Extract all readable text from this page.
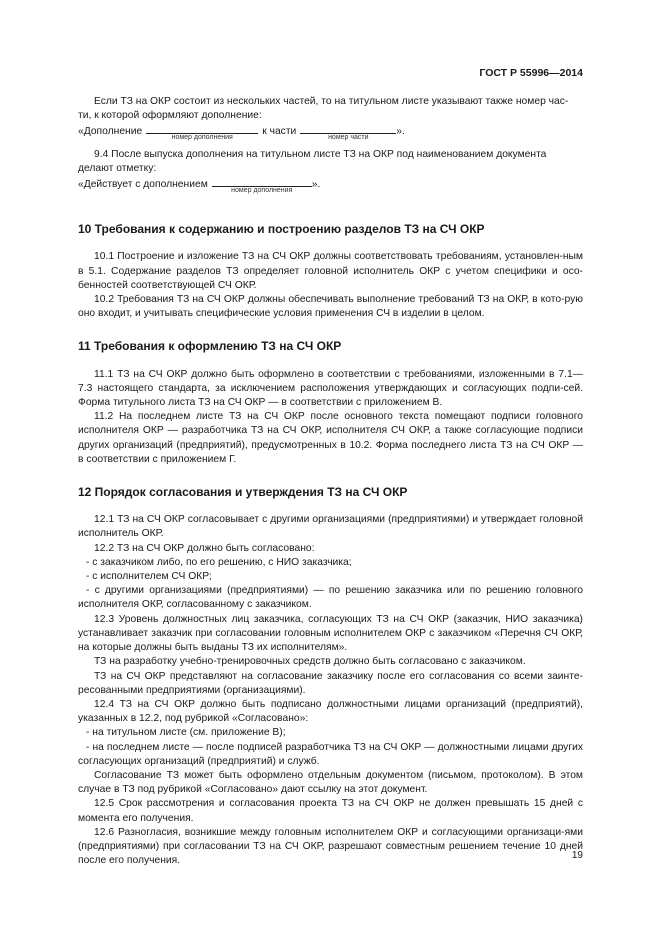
ГОСТ Р 55996—2014

Если ТЗ на ОКР состоит из нескольких частей, то на титульном листе указывают также номер час-

ти, к которой оформляют дополнение:

«Дополнение
номер дополнения
к части
номер части
».

9.4 После выпуска дополнения на титульном листе ТЗ на ОКР под наименованием документа

делают отметку:

«Действует с дополнением
номер дополнения
».

10 Требования к содержанию и построению разделов ТЗ на СЧ ОКР

10.1 Построение и изложение ТЗ на СЧ ОКР должны соответствовать требованиям, установлен-ным в 5.1. Содержание разделов ТЗ определяет головной исполнитель ОКР с учетом специфики и осо-бенностей соответствующей СЧ ОКР.

10.2 Требования ТЗ на СЧ ОКР должны обеспечивать выполнение требований ТЗ на ОКР, в кото-рую оно входит, и учитывать специфические условия применения СЧ в изделии в целом.

11 Требования к оформлению ТЗ на СЧ ОКР

11.1 ТЗ на СЧ ОКР должно быть оформлено в соответствии с требованиями, изложенными в 7.1—7.3 настоящего стандарта, за исключением расположения утверждающих и согласующих подпи-сей. Форма титульного листа ТЗ на СЧ ОКР — в соответствии с приложением В.

11.2 На последнем листе ТЗ на СЧ ОКР после основного текста помещают подписи головного исполнителя ОКР — разработчика ТЗ на СЧ ОКР, исполнителя СЧ ОКР, а также согласующие подписи других организаций (предприятий), предусмотренных в 10.2. Форма последнего листа ТЗ на СЧ ОКР — в соответствии с приложением Г.

12 Порядок согласования и утверждения ТЗ на СЧ ОКР

12.1 ТЗ на СЧ ОКР согласовывает с другими организациями (предприятиями) и утверждает головной исполнитель ОКР.

12.2 ТЗ на СЧ ОКР должно быть согласовано:

- с заказчиком либо, по его решению, с НИО заказчика;

- с исполнителем СЧ ОКР;

- с другими организациями (предприятиями) — по решению заказчика или по решению головного исполнителя ОКР, согласованному с заказчиком.

12.3 Уровень должностных лиц заказчика, согласующих ТЗ на СЧ ОКР (заказчик, НИО заказчика) устанавливает заказчик при согласовании головным исполнителем ОКР с заказчиком «Перечня СЧ ОКР, на которые должны быть выданы ТЗ их исполнителям».

ТЗ на разработку учебно-тренировочных средств должно быть согласовано с заказчиком.

ТЗ на СЧ ОКР представляют на согласование заказчику после его согласования со всеми заинте-ресованными предприятиями (организациями).

12.4 ТЗ на СЧ ОКР должно быть подписано должностными лицами организаций (предприятий), указанных в 12.2, под рубрикой «Согласовано»:

- на титульном листе (см. приложение В);

- на последнем листе — после подписей разработчика ТЗ на СЧ ОКР — должностными лицами других согласующих организаций (предприятий) и служб.

Согласование ТЗ может быть оформлено отдельным документом (письмом, протоколом). В этом случае в ТЗ под рубрикой «Согласовано» дают ссылку на этот документ.

12.5 Срок рассмотрения и согласования проекта ТЗ на СЧ ОКР не должен превышать 15 дней с момента его получения.

12.6 Разногласия, возникшие между головным исполнителем ОКР и согласующими организаци-ями (предприятиями) при согласовании ТЗ на СЧ ОКР, разрешают совместным решением течение 10 дней после его получения.	19
